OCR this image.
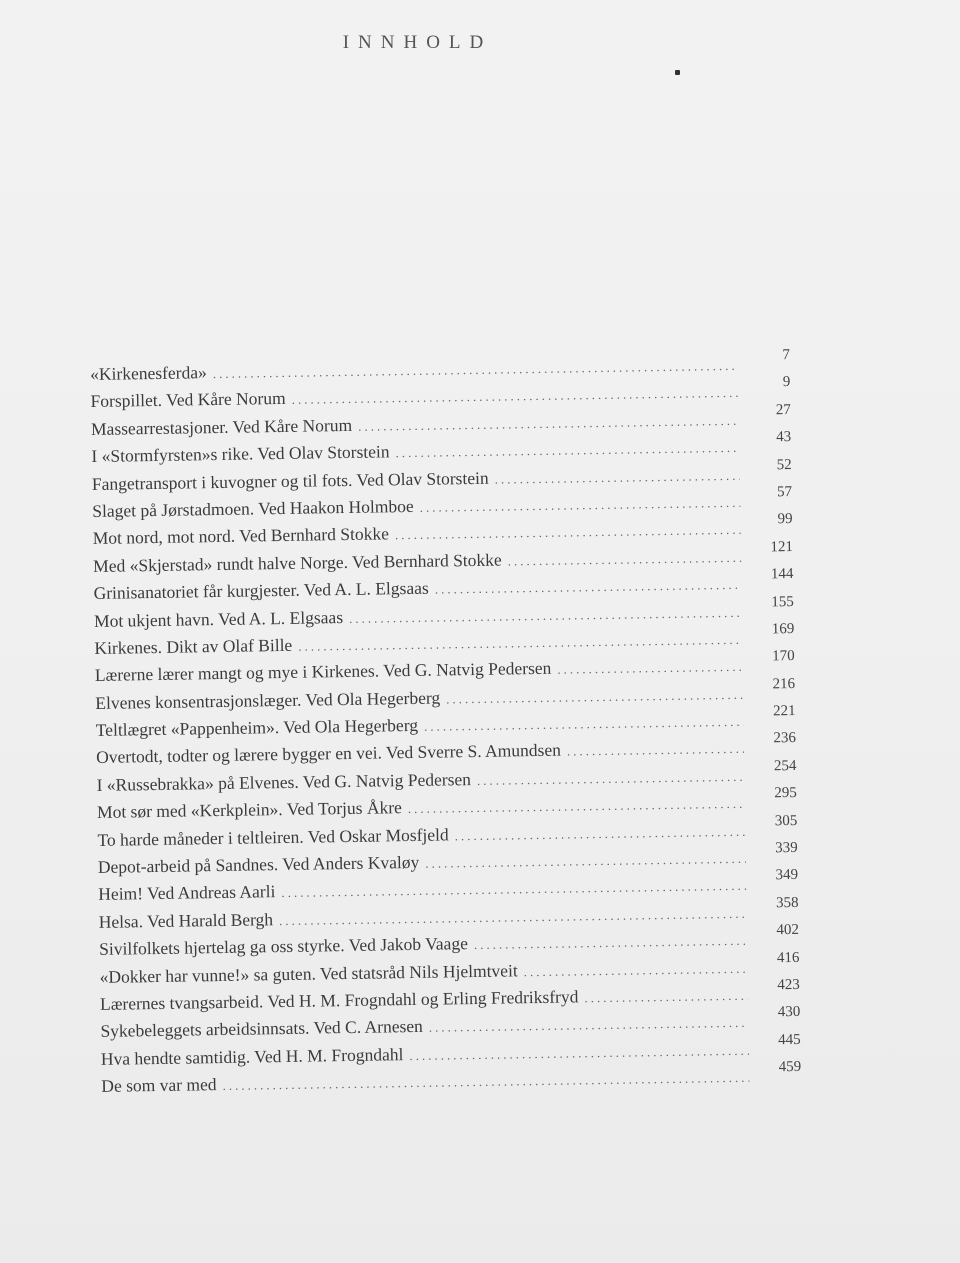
INNHOLD
«Kirkenesferda»
.....
7
Forspillet. Ved Kåre Norum
.....
9
Massearrestasjoner. Ved Kåre Norum
.....
27
I «Stormfyrsten»s rike. Ved Olav Storstein
.....
43
Fangetransport i kuvogner og til fots. Ved Olav Storstein
.....
52
Slaget på Jørstadmoen. Ved Haakon Holmboe
.....
57
Mot nord, mot nord. Ved Bernhard Stokke
.....
99
Med «Skjerstad» rundt halve Norge. Ved Bernhard Stokke
.....
121
Grinisanatoriet får kurgjester. Ved A. L. Elgsaas
.....
144
Mot ukjent havn. Ved A. L. Elgsaas
.....
155
Kirkenes. Dikt av Olaf Bille
.....
169
Lærerne lærer mangt og mye i Kirkenes. Ved G. Natvig Pedersen
.....
170
Elvenes konsentrasjonslæger. Ved Ola Hegerberg
.....
216
Teltlægret «Pappenheim». Ved Ola Hegerberg
.....
221
Overtodt, todter og lærere bygger en vei. Ved Sverre S. Amundsen
.....
236
I «Russebrakka» på Elvenes. Ved G. Natvig Pedersen
.....
254
Mot sør med «Kerkplein». Ved Torjus Åkre
.....
295
To harde måneder i teltleiren. Ved Oskar Mosfjeld
.....
305
Depot-arbeid på Sandnes. Ved Anders Kvaløy
.....
339
Heim! Ved Andreas Aarli
.....
349
Helsa. Ved Harald Bergh
.....
358
Sivilfolkets hjertelag ga oss styrke. Ved Jakob Vaage
.....
402
«Dokker har vunne!» sa guten. Ved statsråd Nils Hjelmtveit
.....
416
Lærernes tvangsarbeid. Ved H. M. Frogndahl og Erling Fredriksfryd
.....
423
Sykebeleggets arbeidsinnsats. Ved C. Arnesen
.....
430
Hva hendte samtidig. Ved H. M. Frogndahl
.....
445
De som var med
.....
459
